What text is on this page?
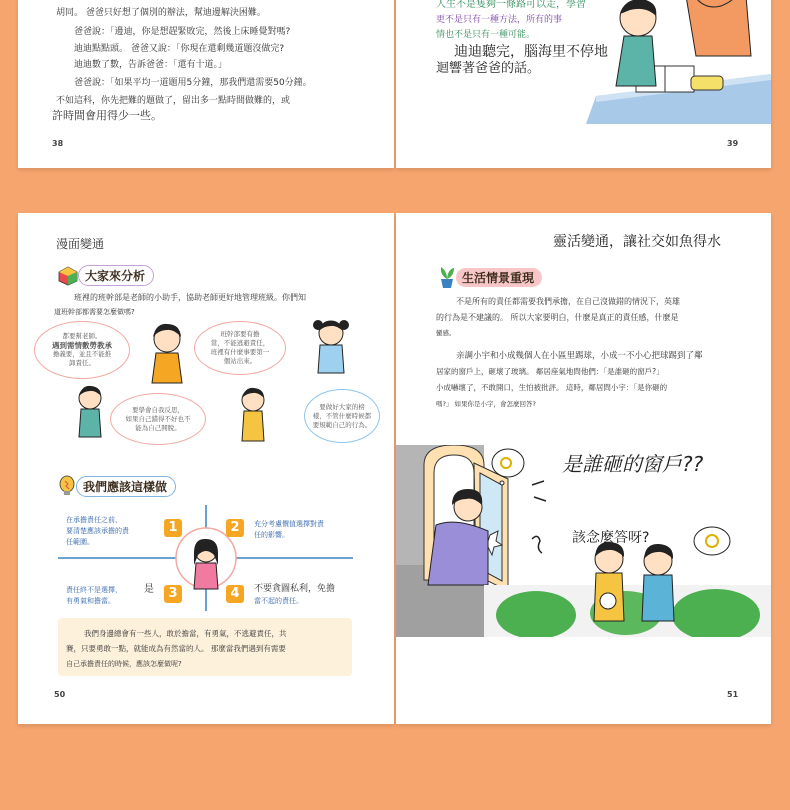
胡同。 爸爸只好想了個別的辦法，幫迪邊解決困難。
爸爸說：「邊迪，你是想趕緊敗完，然後上床睡覺對嗎?
迪迪點點頭。 爸爸又說：「你現在還剩幾道題沒做完?
迪迪數了數，告訴爸爸：「還有十道。」
爸爸說：「如果平均一道題用5分鐘，那我們還需要50分鐘。
不如這科，你先把難的題做了，留出多一點時間做難的，或
許時間會用得少一些。
38
人生不是隻夠一條路可以走，學習
更不是只有一種方法，所有的事
情也不是只有一種可能。
迪迪聽完，腦海里不停地
迴響著爸爸的話。
39
漫面變通
大家來分析
班裡的班幹部是老師的小助手，協助老師更好地管理班級。你們知
道班幹部都需要怎麼做嗎?
都要幫老師。
遇到需情數勞教承
擔義要，並且不能推
卸責任。
班幹部要有擔
當，不能逃避責任，
班裡有什麼事要第一
個站出來。
要學會自我反思，
如果自己錯得不好也不
能為自己開脫。
要做好大家的榜
樣，不管什麼時候都
要規範自己的行為。
我們應該這樣做
在承擔責任之前，
要清楚應該承擔的責
任範圍。
1	2	充分考慮價值選擇對責
任的影響。
責任終不是選擇，
有勇氣和擔當。
是	3	4	不要貪圖私利，免擔
當不起的責任。
我們身邊總會有一些人，敢於擔當，有勇氣，不逃避責任，共
賽，只要勇敢一點，就能成為有然當的人。 那麼當我們遇到有需要
自己承擔責任的時候，應該怎麼做呢?
50
靈活變通，讓社交如魚得水
生活情景重現
不是所有的責任都需要我們承擔，在自己沒做錯的情況下，英雄
的行為是不建議的。 所以大家要明白，什麼是真正的責任感，什麼是
蠻感。
亲調小宇和小成幾個人在小區里踢球，小成一不小心把球踢到了鄰
居家的窗戶上，砸壞了玻璃。 鄰居座氣地問他們：「是誰砸的窗戶?」
小成嚇壞了，不敢開口，生怕被批評。 這時，鄰居問小宇：「是你砸的
嗎?」 如果你是小宇，會怎麼回答?
是誰砸的窗戶??
該念麼答呀?
51
